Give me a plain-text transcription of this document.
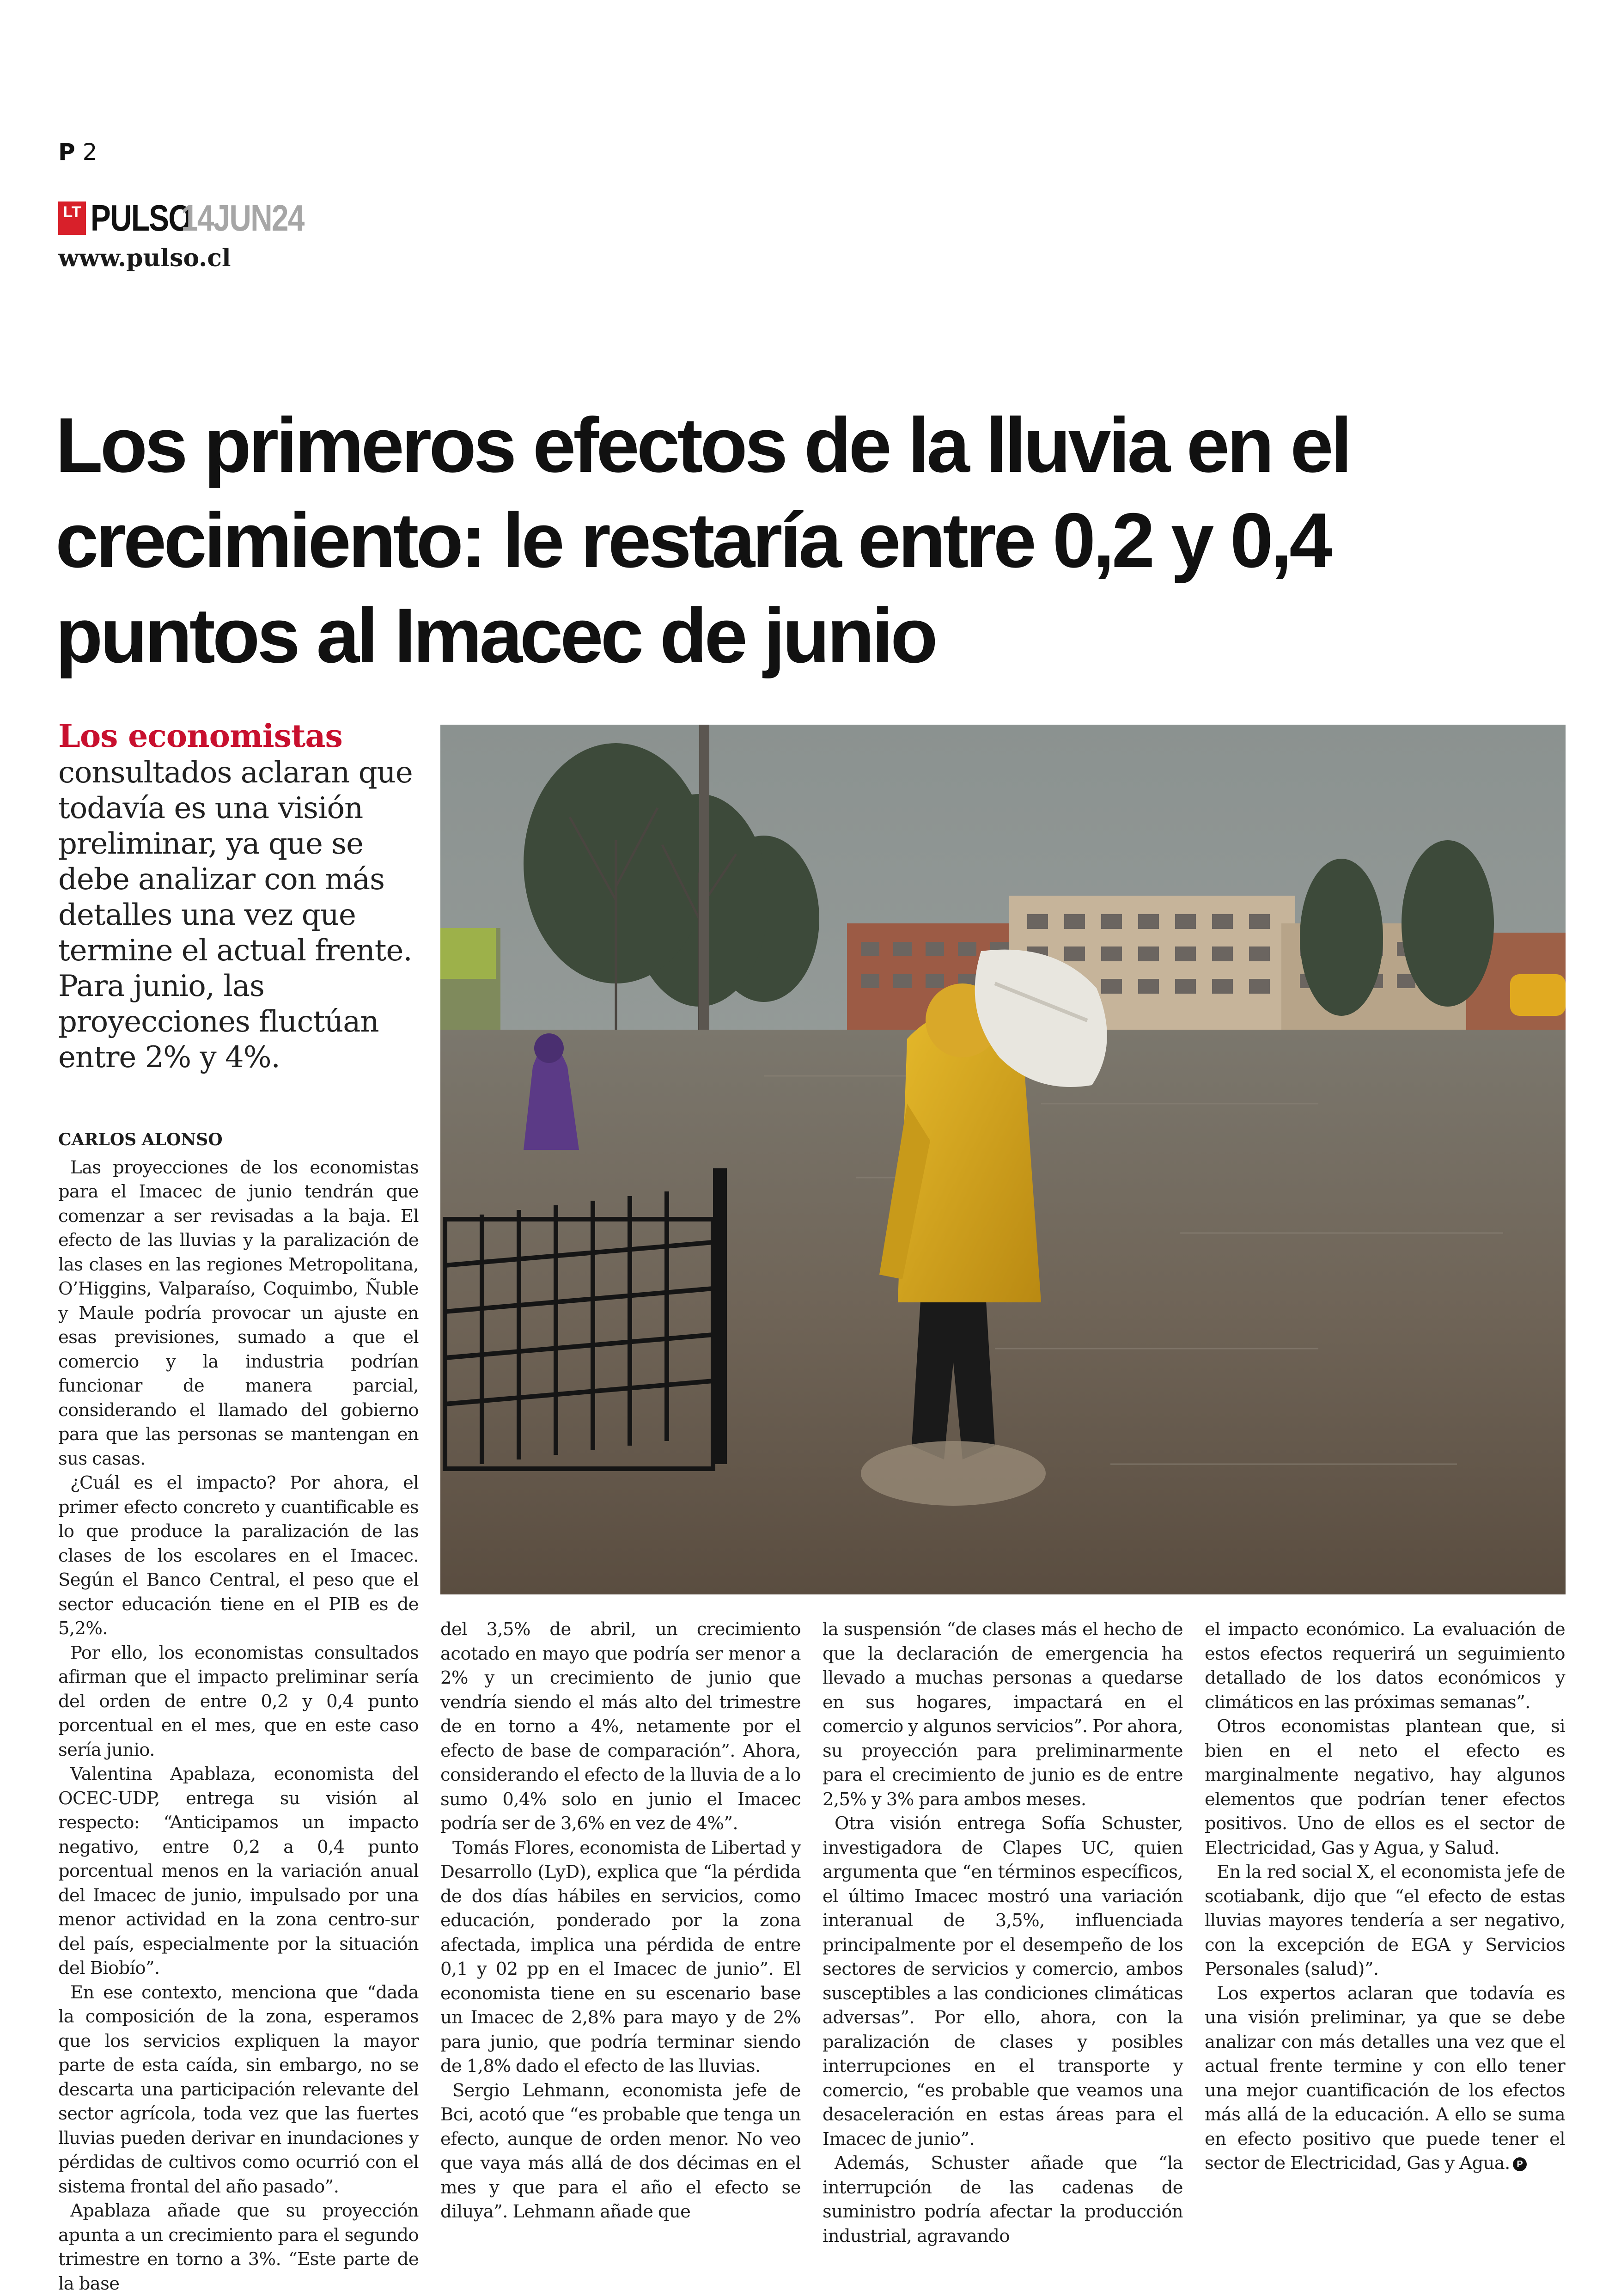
P 2
LT PULSO
14JUN24
www.pulso.cl
Los primeros efectos de la lluvia en el crecimiento: le restaría entre 0,2 y 0,4 puntos al Imacec de junio
Los economistas
consultados aclaran que todavía es una visión preliminar, ya que se debe analizar con más detalles una vez que termine el actual frente. Para junio, las proyecciones fluctúan entre 2% y 4%.
CARLOS ALONSO

Las proyecciones de los economistas para el Imacec de junio tendrán que comenzar a ser revisadas a la baja. El efecto de las lluvias y la paralización de las clases en las regiones Metropolitana, O’Higgins, Valparaíso, Coquimbo, Ñuble y Maule podría provocar un ajuste en esas previsiones, sumado a que el comercio y la industria podrían funcionar de manera parcial, considerando el llamado del gobierno para que las personas se mantengan en sus casas.

¿Cuál es el impacto? Por ahora, el primer efecto concreto y cuantificable es lo que produce la paralización de las clases de los escolares en el Imacec. Según el Banco Central, el peso que el sector educación tiene en el PIB es de 5,2%.

Por ello, los economistas consultados afirman que el impacto preliminar sería del orden de entre 0,2 y 0,4 punto porcentual en el mes, que en este caso sería junio.

Valentina Apablaza, economista del OCEC-UDP, entrega su visión al respecto: “Anticipamos un impacto negativo, entre 0,2 a 0,4 punto porcentual menos en la variación anual del Imacec de junio, impulsado por una menor actividad en la zona centro-sur del país, especialmente por la situación del Biobío”.

En ese contexto, menciona que “dada la composición de la zona, esperamos que los servicios expliquen la mayor parte de esta caída, sin embargo, no se descarta una participación relevante del sector agrícola, toda vez que las fuertes lluvias pueden derivar en inundaciones y pérdidas de cultivos como ocurrió con el sistema frontal del año pasado”.

Apablaza añade que su proyección apunta a un crecimiento para el segundo trimestre en torno a 3%. “Este parte de la base

del 3,5% de abril, un crecimiento acotado en mayo que podría ser menor a 2% y un crecimiento de junio que vendría siendo el más alto del trimestre de en torno a 4%, netamente por el efecto de base de comparación”. Ahora, considerando el efecto de la lluvia de a lo sumo 0,4% solo en junio el Imacec podría ser de 3,6% en vez de 4%”.

Tomás Flores, economista de Libertad y Desarrollo (LyD), explica que “la pérdida de dos días hábiles en servicios, como educación, ponderado por la zona afectada, implica una pérdida de entre 0,1 y 02 pp en el Imacec de junio”. El economista tiene en su escenario base un Imacec de 2,8% para mayo y de 2% para junio, que podría terminar siendo de 1,8% dado el efecto de las lluvias.

Sergio Lehmann, economista jefe de Bci, acotó que “es probable que tenga un efecto, aunque de orden menor. No veo que vaya más allá de dos décimas en el mes y que para el año el efecto se diluya”. Lehmann añade que

la suspensión “de clases más el hecho de que la declaración de emergencia ha llevado a muchas personas a quedarse en sus hogares, impactará en el comercio y algunos servicios”. Por ahora, su proyección para preliminarmente para el crecimiento de junio es de entre 2,5% y 3% para ambos meses.

Otra visión entrega Sofía Schuster, investigadora de Clapes UC, quien argumenta que “en términos específicos, el último Imacec mostró una variación interanual de 3,5%, influenciada principalmente por el desempeño de los sectores de servicios y comercio, ambos susceptibles a las condiciones climáticas adversas”. Por ello, ahora, con la paralización de clases y posibles interrupciones en el transporte y comercio, “es probable que veamos una desaceleración en estas áreas para el Imacec de junio”.

Además, Schuster añade que “la interrupción de las cadenas de suministro podría afectar la producción industrial, agravando

el impacto económico. La evaluación de estos efectos requerirá un seguimiento detallado de los datos económicos y climáticos en las próximas semanas”.

Otros economistas plantean que, si bien en el neto el efecto es marginalmente negativo, hay algunos elementos que podrían tener efectos positivos. Uno de ellos es el sector de Electricidad, Gas y Agua, y Salud.

En la red social X, el economista jefe de scotiabank, dijo que “el efecto de estas lluvias mayores tendería a ser negativo, con la excepción de EGA y Servicios Personales (salud)”.

Los expertos aclaran que todavía es una visión preliminar, ya que se debe analizar con más detalles una vez que el actual frente termine y con ello tener una mejor cuantificación de los efectos más allá de la educación. A ello se suma en efecto positivo que puede tener el sector de Electricidad, Gas y Agua. P
